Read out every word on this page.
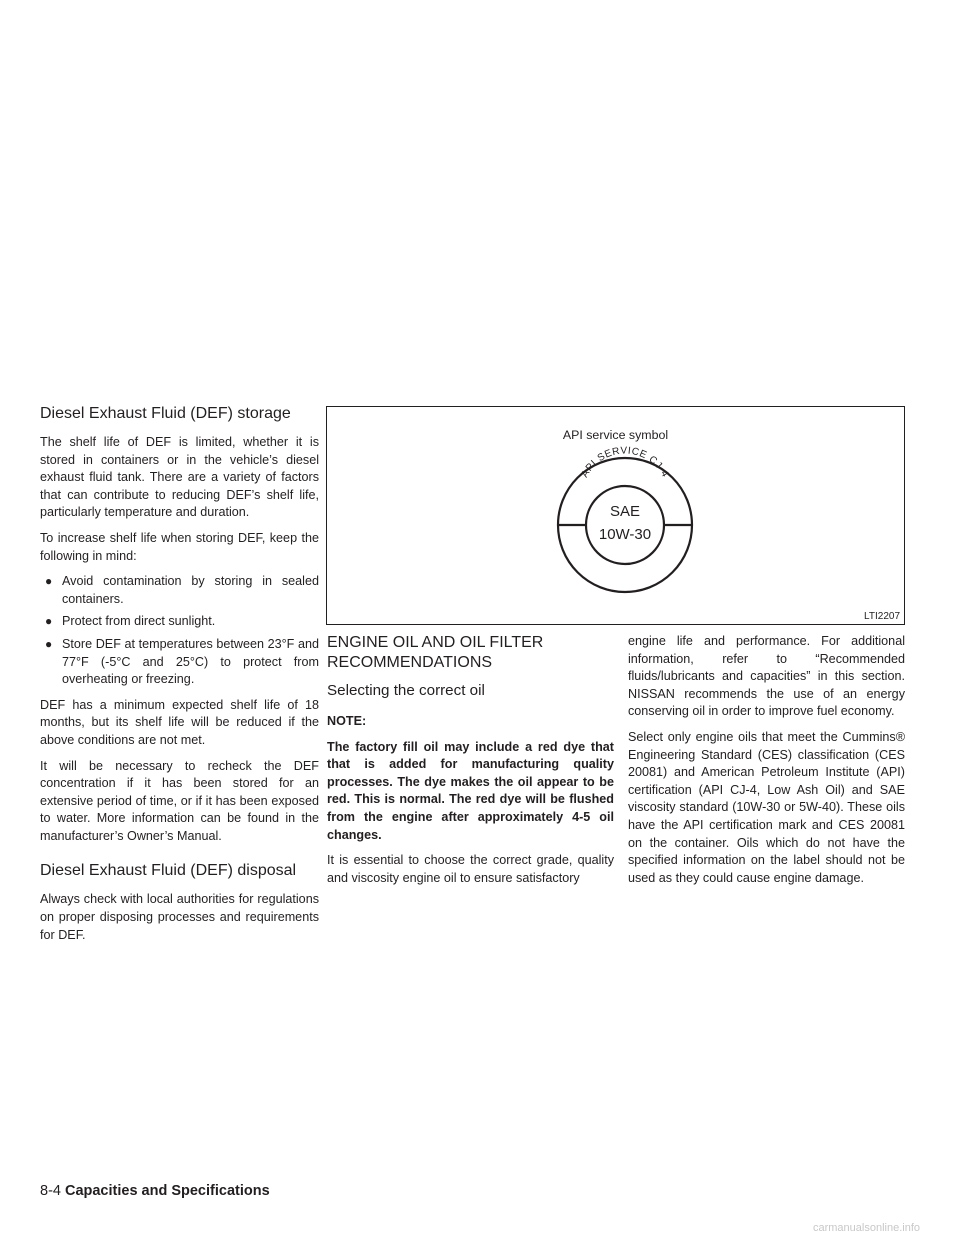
Diesel Exhaust Fluid (DEF) storage

The shelf life of DEF is limited, whether it is stored in containers or in the vehicle’s diesel exhaust fluid tank. There are a variety of factors that can contribute to reducing DEF’s shelf life, particularly temperature and duration.

To increase shelf life when storing DEF, keep the following in mind:

● Avoid contamination by storing in sealed containers.
● Protect from direct sunlight.
● Store DEF at temperatures between 23°F and 77°F (-5°C and 25°C) to protect from overheating or freezing.

DEF has a minimum expected shelf life of 18 months, but its shelf life will be reduced if the above conditions are not met.

It will be necessary to recheck the DEF concentration if it has been stored for an extensive period of time, or if it has been exposed to water. More information can be found in the manufacturer’s Owner’s Manual.

Diesel Exhaust Fluid (DEF) disposal

Always check with local authorities for regulations on proper disposing processes and requirements for DEF.

API service symbol
API SERVICE CJ-4
SAE
10W-30
LTI2207
ENGINE OIL AND OIL FILTER
RECOMMENDATIONS
Selecting the correct oil

NOTE:

The factory fill oil may include a red dye that that is added for manufacturing quality processes. The dye makes the oil appear to be red. This is normal. The red dye will be flushed from the engine after approximately 4-5 oil changes.

It is essential to choose the correct grade, quality and viscosity engine oil to ensure satisfactory

engine life and performance. For additional information, refer to “Recommended fluids/lubricants and capacities” in this section. NISSAN recommends the use of an energy conserving oil in order to improve fuel economy.

Select only engine oils that meet the Cummins® Engineering Standard (CES) classification (CES 20081) and American Petroleum Institute (API) certification (API CJ-4, Low Ash Oil) and SAE viscosity standard (10W-30 or 5W-40). These oils have the API certification mark and CES 20081 on the container. Oils which do not have the specified information on the label should not be used as they could cause engine damage.

8-4 Capacities and Specifications
carmanualsonline.info
